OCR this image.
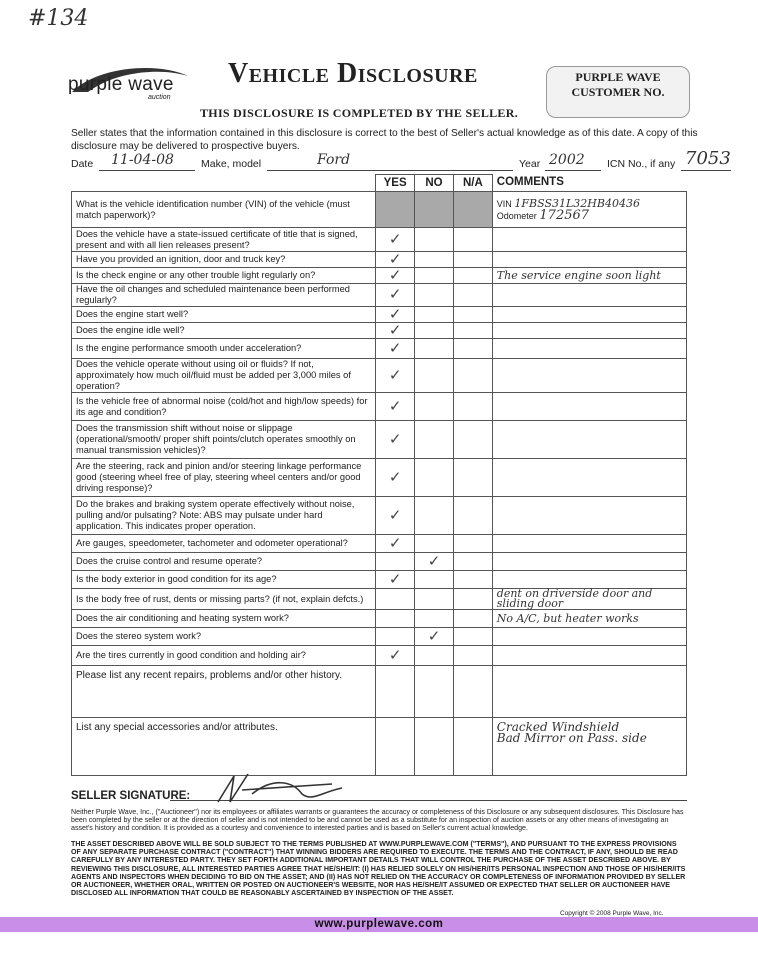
#134
purple wave
auction
Vehicle Disclosure
THIS DISCLOSURE IS COMPLETED BY THE SELLER.
PURPLE WAVE
CUSTOMER NO.
Seller states that the information contained in this disclosure is correct to the best of Seller's actual knowledge as of this date. A copy of this disclosure may be delivered to prospective buyers.
Date 11-04-08	Make, model	Ford	Year 2002 ICN No., if any 7053
	YES	NO	N/A	COMMENTS
What is the vehicle identification number (VIN) of the vehicle (must match paperwork)?				VIN 1FBSS31L32HB40436
Odometer 172567

Does the vehicle have a state-issued certificate of title that is signed, present and with all lien releases present?	✓			
Have you provided an ignition, door and truck key?	✓			
Is the check engine or any other trouble light regularly on?	✓			The service engine soon light
Have the oil changes and scheduled maintenance been performed regularly?	✓			
Does the engine start well?	✓			
Does the engine idle well?	✓			
Is the engine performance smooth under acceleration?	✓			
Does the vehicle operate without using oil or fluids? If not, approximately how much oil/fluid must be added per 3,000 miles of operation?	✓			
Is the vehicle free of abnormal noise (cold/hot and high/low speeds) for its age and condition?	✓			
Does the transmission shift without noise or slippage (operational/smooth/ proper shift points/clutch operates smoothly on manual transmission vehicles)?	✓			
Are the steering, rack and pinion and/or steering linkage performance good (steering wheel free of play, steering wheel centers and/or good driving response)?	✓			
Do the brakes and braking system operate effectively without noise, pulling and/or pulsating? Note: ABS may pulsate under hard application. This indicates proper operation.	✓			
Are gauges, speedometer, tachometer and odometer operational?	✓			
Does the cruise control and resume operate?		✓		
Is the body exterior in good condition for its age?	✓			
Is the body free of rust, dents or missing parts? (if not, explain defcts.)				dent on driverside door and sliding door
Does the air conditioning and heating system work?				No A/C, but heater works
Does the stereo system work?		✓		
Are the tires currently in good condition and holding air?	✓			
Please list any recent repairs, problems and/or other history.				
List any special accessories and/or attributes.				Cracked Windshield
Bad Mirror on Pass. side
SELLER SIGNATURE:
Neither Purple Wave, Inc., ("Auctioneer") nor its employees or affiliates warrants or guarantees the accuracy or completeness of this Disclosure or any subsequent disclosures. This Disclosure has been completed by the seller or at the direction of seller and is not intended to be and cannot be used as a substitute for an inspection of auction assets or any other means of investigating an asset's history and condition. It is provided as a courtesy and convenience to interested parties and is based on Seller's current actual knowledge.
THE ASSET DESCRIBED ABOVE WILL BE SOLD SUBJECT TO THE TERMS PUBLISHED AT WWW.PURPLEWAVE.COM ("TERMS"), AND PURSUANT TO THE EXPRESS PROVISIONS OF ANY SEPARATE PURCHASE CONTRACT ("CONTRACT") THAT WINNING BIDDERS ARE REQUIRED TO EXECUTE. THE TERMS AND THE CONTRACT, IF ANY, SHOULD BE READ CAREFULLY BY ANY INTERESTED PARTY. THEY SET FORTH ADDITIONAL IMPORTANT DETAILS THAT WILL CONTROL THE PURCHASE OF THE ASSET DESCRIBED ABOVE. BY REVIEWING THIS DISCLOSURE, ALL INTERESTED PARTIES AGREE THAT HE/SHE/IT: (I) HAS RELIED SOLELY ON HIS/HER/ITS PERSONAL INSPECTION AND THOSE OF HIS/HER/ITS AGENTS AND INSPECTORS WHEN DECIDING TO BID ON THE ASSET; AND (II) HAS NOT RELIED ON THE ACCURACY OR COMPLETENESS OF INFORMATION PROVIDED BY SELLER OR AUCTIONEER, WHETHER ORAL, WRITTEN OR POSTED ON AUCTIONEER'S WEBSITE, NOR HAS HE/SHE/IT ASSUMED OR EXPECTED THAT SELLER OR AUCTIONEER HAVE DISCLOSED ALL INFORMATION THAT COULD BE REASONABLY ASCERTAINED BY INSPECTION OF THE ASSET.
Copyright © 2008 Purple Wave, Inc.
www.purplewave.com
